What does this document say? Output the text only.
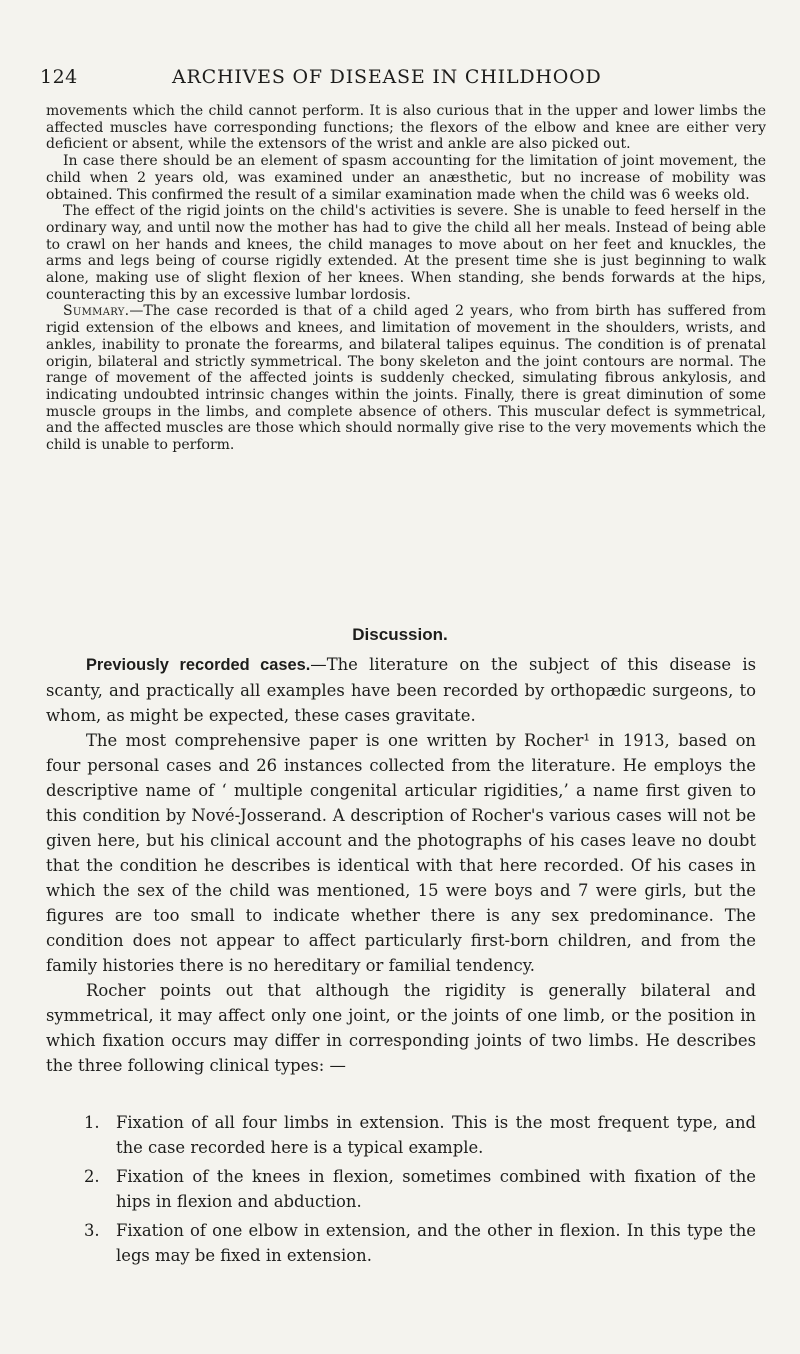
124	ARCHIVES OF DISEASE IN CHILDHOOD

movements which the child cannot perform. It is also curious that in the upper and lower limbs the affected muscles have corresponding functions; the flexors of the elbow and knee are either very deficient or absent, while the extensors of the wrist and ankle are also picked out.

In case there should be an element of spasm accounting for the limitation of joint movement, the child when 2 years old, was examined under an anæsthetic, but no increase of mobility was obtained. This confirmed the result of a similar examination made when the child was 6 weeks old.

The effect of the rigid joints on the child's activities is severe. She is unable to feed herself in the ordinary way, and until now the mother has had to give the child all her meals. Instead of being able to crawl on her hands and knees, the child manages to move about on her feet and knuckles, the arms and legs being of course rigidly extended. At the present time she is just beginning to walk alone, making use of slight flexion of her knees. When standing, she bends forwards at the hips, counteracting this by an excessive lumbar lordosis.

Summary.—The case recorded is that of a child aged 2 years, who from birth has suffered from rigid extension of the elbows and knees, and limitation of movement in the shoulders, wrists, and ankles, inability to pronate the forearms, and bilateral talipes equinus. The condition is of prenatal origin, bilateral and strictly symmetrical. The bony skeleton and the joint contours are normal. The range of movement of the affected joints is suddenly checked, simulating fibrous ankylosis, and indicating undoubted intrinsic changes within the joints. Finally, there is great diminution of some muscle groups in the limbs, and complete absence of others. This muscular defect is symmetrical, and the affected muscles are those which should normally give rise to the very movements which the child is unable to perform.

Discussion.

Previously recorded cases.—The literature on the subject of this disease is scanty, and practically all examples have been recorded by orthopædic surgeons, to whom, as might be expected, these cases gravitate.

The most comprehensive paper is one written by Rocher¹ in 1913, based on four personal cases and 26 instances collected from the literature. He employs the descriptive name of ‘ multiple congenital articular rigidities,’ a name first given to this condition by Nové-Josserand. A description of Rocher's various cases will not be given here, but his clinical account and the photographs of his cases leave no doubt that the condition he describes is identical with that here recorded. Of his cases in which the sex of the child was mentioned, 15 were boys and 7 were girls, but the figures are too small to indicate whether there is any sex predominance. The condition does not appear to affect particularly first-born children, and from the family histories there is no hereditary or familial tendency.

Rocher points out that although the rigidity is generally bilateral and symmetrical, it may affect only one joint, or the joints of one limb, or the position in which fixation occurs may differ in corresponding joints of two limbs. He describes the three following clinical types: —

1. Fixation of all four limbs in extension. This is the most frequent type, and the case recorded here is a typical example.
2. Fixation of the knees in flexion, sometimes combined with fixation of the hips in flexion and abduction.
3. Fixation of one elbow in extension, and the other in flexion. In this type the legs may be fixed in extension.
